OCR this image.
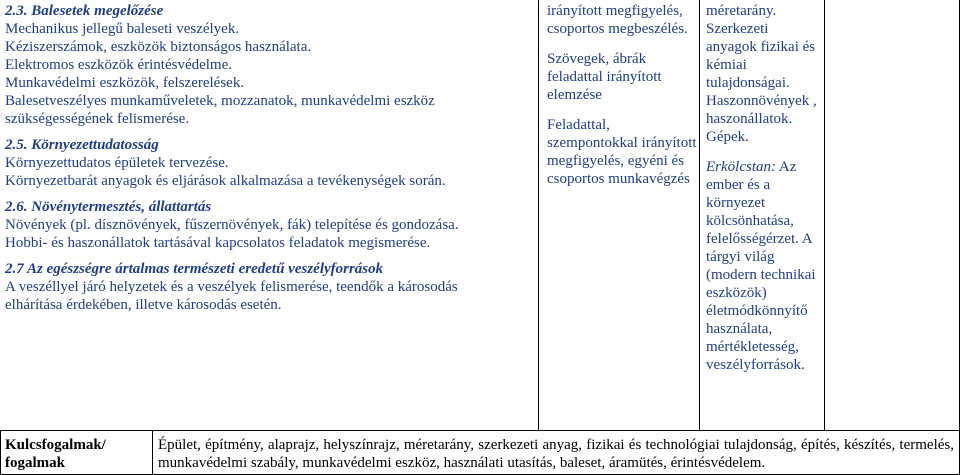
2.3. Balesetek megelőzése
Mechanikus jellegű baleseti veszélyek.
Kéziszerszámok, eszközök biztonságos használata.
Elektromos eszközök érintésvédelme.
Munkavédelmi eszközök, felszerelések.
Balesetveszélyes munkaműveletek, mozzanatok, munkavédelmi eszköz
szükségességének felismerése.
2.5. Környezettudatosság
Környezettudatos épületek tervezése.
Környezetbarát anyagok és eljárások alkalmazása a tevékenységek során.
2.6. Növénytermesztés, állattartás
Növények (pl. dísznövények, fűszernövények, fák) telepítése és gondozása.
Hobbi- és haszonállatok tartásával kapcsolatos feladatok megismerése.
2.7 Az egészségre ártalmas természeti eredetű veszélyforrások
A veszéllyel járó helyzetek és a veszélyek felismerése, teendők a károsodás
elhárítása érdekében, illetve károsodás esetén.

irányított megfigyelés, csoportos megbeszélés.

Szövegek, ábrák feladattal irányított elemzése

Feladattal, szempontokkal irányított megfigyelés, egyéni és csoportos munkavégzés

méretarány. Szerkezeti anyagok fizikai és kémiai tulajdonságai. Haszonnövények , haszonállatok. Gépek.

Erkölcstan: Az ember és a környezet kölcsönhatása, felelősségérzet. A tárgyi világ (modern technikai eszközök) életmódkönnyítő használata, mértékletesség, veszélyforrások.

Kulcsfogalmak/ fogalmak
Épület, építmény, alaprajz, helyszínrajz, méretarány, szerkezeti anyag, fizikai és technológiai tulajdonság, építés, készítés, termelés, munkavédelmi szabály, munkavédelmi eszköz, használati utasítás, baleset, áramütés, érintésvédelem.
